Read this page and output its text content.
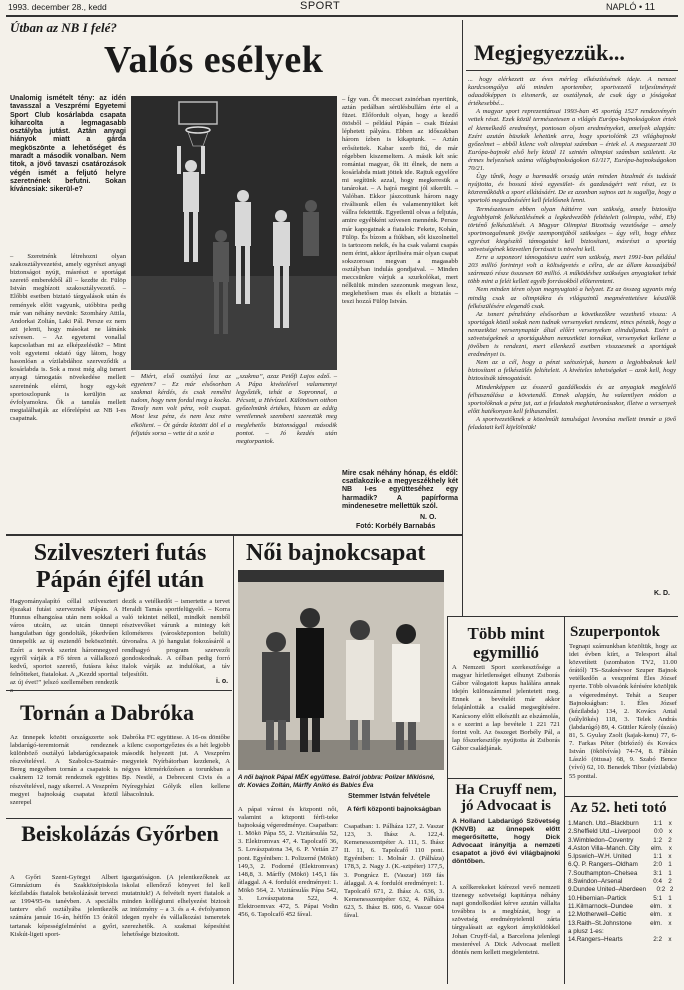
1993. december 28., kedd	SPORT	NAPLÓ • 11
Útban az NB I felé?
Valós esélyek
Unalomig ismételt tény: az idén tavasszal a Veszprémi Egyetemi Sport Club kosárlabda csapata kiharcolta a legmagasabb osztályba jutást. Aztán anyagi hiányok miatt a gárda megköszönte a lehetőséget és maradt a második vonalban. Nem titok, a jövő tavaszi csatározások végén ismét a feljutó helyre szeretnének befutni. Sokan kíváncsiak: sikerül-e?
– Szeretnénk létrehozni olyan szakosztályvezetést, amely egyrészt anyagi biztonságot nyújt, másrészt e sportágat szerető emberekből áll – kezdte dr. Fülöp István megbízott szakosztályvezető. – Előbbi esetben biztató tárgyalások után és remények előtt vagyunk, utóbbira pedig már van néhány nevünk: Szomháry Attila, Andorkai Zoltán, Laki Pál. Persze ez nem azt jelenti, hogy másokat ne látnánk szívesen. – Az egyetemi vonallal kapcsolatban mi az elképzelésük? – Mint volt egyetemi oktató úgy látom, hogy hasonlóan a vízilabdához szerveződik a kosárlabda is. Sok a most még alig ismert anyagi támogatás növekedése mellett szeretnénk elérni, hogy egy-két sportoszlopunk is kerüljön az évfolyamokra. Ők a tanulás mellett megtalálhatják az előrelépést az NB I-es csapatnak.
– Miért, első osztályú lesz az egyetem? – Ez már elsősorban szakmai kérdés, és csak remélni tudom, hogy nem fordul meg a kocka. Tavaly nem volt pénz, volt csapat. Most lesz pénz, és nem lesz mire elkölteni. – Öt gárda közötti döl el a feljutás sorsa – vette át a szót a
„szakma”, azaz Petőfi Lajos edző. – A Pápa kivételével valamennyi legyőzték, tehát a Sopronnal, a Pécsett, a Hévízzel. Különösen otthon győzelmünk értékes, hiszen az eddig veretlennek szembeni szereztük meg meglehetős biztonsággal második pontot. – Jó kezdés után megtorpantok.
– Így van. Őt meccset zsinórban nyertünk, aztán pedálban sérülésbullám érte el a füzet. Előfordult olyan, hogy a kezdő ötösből – például Pápán – csak Búzási léphetett pályára. Ebben az időszakban három ízben is kikaptunk. – Aztán erősítettek. Kabar szerb fiú, de már régebben kiszemeltem. A másik két srác romániai magyar, ők itt élnek, de nem a kosárlabda miatt jöttek ide. Rajtuk egyelőre mi segítünk azzal, hogy megkeresük a tanárokat. – A hajrá megint jól sikerült. – Valóban. Ekkor jászcottunk három nagy riválisunk ellen és valamennyiüket két vállra fektettük. Egyetlenül olvas a feljutás, amire egyébként szívesen mennénk. Persze már kapogatnak a fiatalok: Fekete, Kohán, Fülöp. És bízom a fiúkban, sőt kiszolnettel is tartozom nekik, és ha csak valami csapás nem érint, akkor ápriliséra már olyan csapat sokszorosan megvan a magasabb osztályban indulás gondjaival. – Minden meccsünkre várjuk a szurkolókat, mert nélkülük minden szezonunk megvan lesz, meglehetősen mas és elkelt a biztatás – teszi hozzá Fülöp István.
Mire csak néhány hónap, és eldől: csatlakozik-e a megyeszékhely két NB I-es együtteséhez egy harmadik? A papírforma mindenesetre mellettük szól.
N. O.
Fotó: Korbély Barnabás
Megjegyezzük...

... hogy elérkezett az éves mérleg elkészítésének ideje. A nemzet kardcsomgálya alá minden sportember, sportvezető teljesítményét odaadóképpen is elismerik, az osztálynak, de csak úgy a jóságokat értékesebbé...

A magyar sport reprezentánsai 1993-ban 45 sportág 1527 rendezvényén vettek részt. Ezek közül természetesen a világés Európa-bajnokságokon értek el kiemelkedő eredményt, pontosan olyan eredményeket, amelyek alapján: Ezért azután büszkék lehetünk arra, hogy sportolóink 23 világbajnoki győzelmet – ebből kilenc volt olimpiai számban – értek el. A megszerzett 30 Európa-bajnoki első hely közül 11 szintén olimpiai számban született. Az érmes helyezések száma világbajnokságokon 61/117, Európa-bajnokságokon 70/21.

Ügy tűnik, hogy a harmadik ország után minden bizalmát és tudását nyújtotta, és hosszú távú egyesület- és gazdaságért vett részt, ez is közreműködik a sport ellátásáért. De ez azonban sajnos azt is sugallja, hogy a sportoló megszűnéséért kell felelősnek lenni.

Természetesen ebben olyan háttérre van szükség, amely biztosítja legjobbjaink felkészülésének a legkedvezőbb feltételeit (olimpia, vébé, Eb) történő felkészülését. A Magyar Olimpiai Bizottság vezetősége – amely sportmozgalmunk jövője szempontjából szükséges – úgy véli, hogy ehhez egyrészt kiegészítő támogatást kell biztosítani, másrészt a sportág szövetségének közvetlen forrásait is növelni kell.

Erre a szponzori támogatásra azért van szükség, mert 1991-ban például 203 millió forintnyi volt a költségvetés e célra, de az állam kasszájából származó része összesen 60 millió. A működéshez szükséges anyagiakat tehát több mint a felét kellett egyéb forrásokból előteremteni.

Nem minden téren olyan megnyugtató a helyzet. Ez az összeg ugyanis még mindig csak az olimpiákra és világszintű megmérettetésre készülők felkészülésére elegendő csak.

Az ismert pénzhiány elsősorban a következőkre vezethető vissza: A sportágak közül sokak nem tudnak versenyeket rendezni, nincs pénzük, hogy a nemzetközi versenynaptár által előírt versenyeken elinduljanak. Ezért a szövetségeknek a sportágukban nemzetközi tornákat, versenyeket kellene a jövőben is rendezni, mert ellenkező esetben visszaesnek a sportágak eredményei is.

Nem az a cél, hogy a pénzt szétszórjuk, hanem a legjobbaknak kell biztosítani a felkészülés feltételeit. A kivételes tehetségeket – azok kell, hogy biztosítsák támogatását.

Mindenképpen az ésszerű gazdálkodás és az anyagiak megfelelő felhasználása a követendő. Ennek alapján, ha valamilyen módon a sportolóknak a pénz jut, azt a feladatok meghatározásakor, illetve a versenyek előtt hatékonyan kell felhasználni.

A sportvezetőknek a közelmúlt tanulságai levonása mellett immár a jövő feladatait kell kijelölniük!

K. D.
Szilveszteri futás Pápán éjfél után
Hagyományalapító céllal szilveszteri éjszakai futást szerveznek Pápán. A Hunnus elhangzása után nem sokkal a város utcáin, az utcán ünnepi hangulatban úgy gondolták, jókedvűen ünnepelik az új esztendő beköszöntét. Ezért a tervek szerint háromnegyed egyről várják a Fő téren a vállalkozó kedvű, sportot szerető, futásra kész felnőtteket, fiatalokat. A „Kezdd sporttal az új évet!” jelszó szellemében rendezik
dezik a vetélkedőt – ismertette a tervet Heraldi Tamás sportfelügyelő. – Korra való tekintet nélkül, mindkét nemből résztvevőket várunk a mintegy két kilométeres (városközponton belüli) útvonalra. A jó hangulat fokozásáról a rendhagyó program szervezői gondoskodnak. A célban pedig forró italok várják az indulókat, a táv teljesítőit.
i. o.
Tornán a Dabróka
Az ünnepek között országszerte sok labdarúgó-teremtornát rendeznek különböző osztályú labdarúgócsapatok részvételével. A Szabolcs-Szatmár-Bereg megyében tornán a csapatok is csaknem 12 tornát rendeznek együttes részvételével, nagy sikerrel. A Veszprém megyei bajnokság csapatai közül szerepel
Dabróka FC együttese. A 16-os döntőbe a kilenc csoportgyőztes és a hét legjobb második helyezett jut. A Veszprém megyeiek Nyírbátorban kezdenek, A négyes körmérkőzésen a torunkban a Bp. Nestlé, a Debreceni Civis és a Nyíregyházi Gólyik ellen kellene lábacolniuk.
Beiskolázás Győrben
A Győri Szent-Györgyi Albert Gimnázium és Szakközépiskola kézilabdás fiatalok beiskolázását tervezi az 1994/95-ös tanévben. A speciális tanterv első osztályába jelentkezők számára január 16-án, hétfőn 13 órától tartanak képességfelmérést a győri, Kiskút-ligeti sport-
igazgatóságon. (A jelentkezőknek az iskolai ellenőrző könyvet fel kell mutatniuk!) A felvételt nyert fiatalok a minden kollégiumi elhelyezést biztosít az intézmény – a 3. és a 4. évfolyamon idegen nyelv és vállalkozási ismeretek szerezhetők. A szakmai képesítést lehetősége biztosított.
Női bajnokcsapat
A női bajnok Pápai MÉK együttese. Balról jobbra: Polizer Miklósné, dr. Kovács Zoltán, Márffy Anikó és Babics Éva
Stemmer István felvétele
A pápai városi és központi női, valamint a központi férfi-teke bajnokság végeredménye. Csapatban: 1. Mökö Pápa 55, 2. Vizitársulás 52, 3. Elektromvax 47, 4. Tapolcafő 36, 5. Lovászpatona 34, 6. P. Vetián 27 pont. Egyéniben: 1. Polizerné (Mökö) 149,3, 2. Fodorné (Elektromvax) 148,8, 3. Márffy (Mökö) 145,1 fás átlaggal. A 4. fordulói eredményei: 1. Mökö 564, 2. Vizitársulás Pápa 542, 3. Lovászpatona 522, 4. Elektroemvax 472, 5. Pápai Vodin 456, 6. Tapolcafő 452 fával.
A férfi központi bajnokságban
Csapatban: 1. Pálháza 127, 2. Vaszar 123, 3. Ihász A. 122,4. Kemenesszentpéter A. 111, 5. Ihász II. 11, 6. Tapolcafő 110 pont. Egyéniben: 1. Molnár J. (Pálháza) 178,3, 2. Nagy J. (K.-sztpéter) 177,5, 3. Pongrácz E. (Vaszar) 169 fás átlaggal. A 4. fordulói eredményei: 1. Tapolcafő 671, 2. Ihász A. 636, 3. Kemenesszentpéter 632, 4. Pálháza 623, 5. Ihász B. 606, 6. Vaszar 604 fával.
Több mint egymillió
A Nemzeti Sport szerkesztősége a magyar hírletlenséget elhunyt Zsiborás Gábor válogatott kapus halálára annak idején különszámmel jelentetett meg. Ennek a bevételét már akkor felajánlották a család megsegítésére. Karácsony előtt elkészült az elszámolás, s e szerint a lap bevétele 1 221 721 forint volt. Az összeget Borbély Pál, a lap főszerkesztője nyújtotta át Zsiborás Gábor családjának.
Ha Cruyff nem, jó Advocaat is
A Holland Labdarúgó Szövetség (KNVB) az ünnepek előtt megerősítette, hogy Dick Advocaat irányítja a nemzeti csapatot a jövő évi világbajnoki döntőben.
A szélkerekeket kiérezel vevő nemzeti tizenegy szövetségi kapitánya néhány napi gondolkodást kérve azután vállalta továbbra is a megbízást, hogy a szövetség eredménytelenül zárta tárgyalásait az egykori ámyköldökkel Johan Cruyff-fal, a Barcelona jelenlegi mesterével A Dick Advocaat mellett döntés nem kellett megjelentetni.
Szuperpontok
Tegnapi számunkban közöltük, hogy az idei évben kiírt, a Telesport által közvetített (szombaton TV2, 11.00 órától) TS–Szaknévsor Szuper Bajnok vetélkedőn a veszprémi Éles József nyerte. Több olvasónk kérésére közöljük a végeredményt. Tehát a Szuper Bajnokságban: 1. Éles József (kézilabda) 134, 2. Kovács Antal (súlylökés) 118, 3. Telek András (labdarúgó) 89, 4. Güttler Károly (úszás) 81, 5. Gyulay Zsolt (kajak-kenu) 77, 6-7. Farkas Péter (birkózó) és Kovács István (ökölvívás) 74-74, 8. Fábián László (öttusa) 68, 9. Szabó Bence (vívó) 62, 10. Benedek Tibor (vízilabda) 55 ponttal.
Az 52. heti totó
1.Manch. Utd.–Blackburn	1:1 x
2.Sheffield Utd.–Liverpool	0:0 x
3.Wimbledon–Coventry	1:2 2
4.Aston Villa–Manch. City	elm. x
5.Ipswich–W.H. United	1:1	x
6.Q. P. Rangers–Oldham	2:0 1
7.Southampton–Chelsea	3:1 1
8.Swindon–Arsenal	0:4 2
9.Dundee United–Aberdeen	0:2 2
10.Hibernian–Partick	5:1 1
11.Kilmarnock–Dundee	elm.	x
12.Motherwell–Celtic	elm.	x
13.Raith–St.Johnstone	elm.	x
a plusz 1-es:
14.Rangers–Hearts	2:2	x
